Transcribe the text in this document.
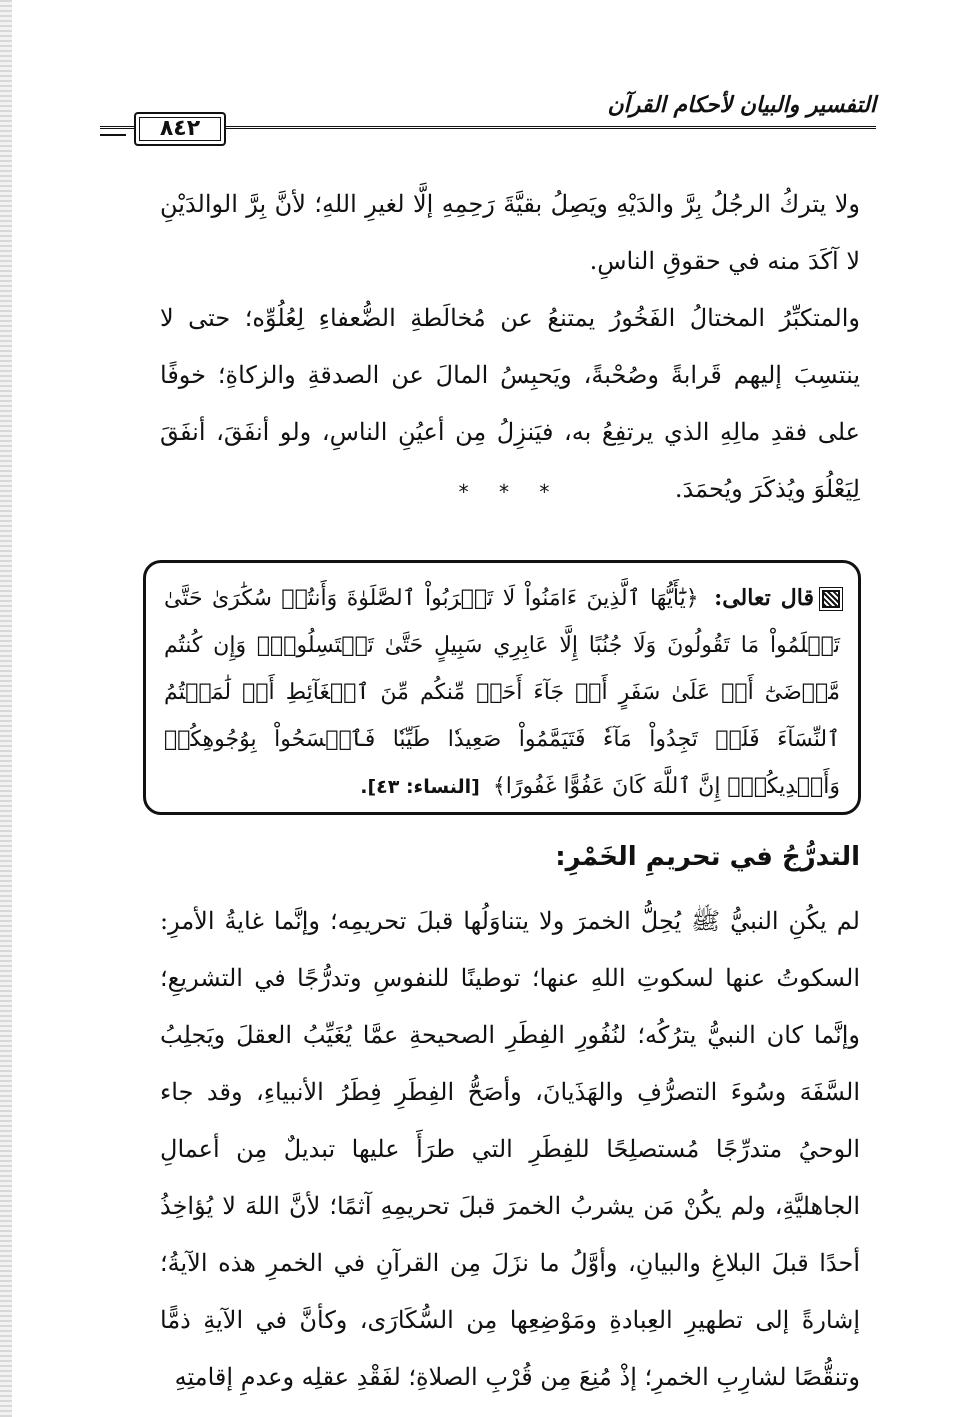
التفسير والبيان لأحكام القرآن
٨٤٢
ولا يتركُ الرجُلُ بِرَّ والدَيْهِ ويَصِلُ بقيَّةَ رَحِمِهِ إلَّا لغيرِ اللهِ؛ لأنَّ بِرَّ الوالدَيْنِ لا آكَدَ منه في حقوقِ الناسِ.
والمتكبِّرُ المختالُ الفَخُورُ يمتنعُ عن مُخالَطةِ الضُّعفاءِ لِعُلُوِّه؛ حتى لا ينتسِبَ إليهم قَرابةً وصُحْبةً، ويَحبِسُ المالَ عن الصدقةِ والزكاةِ؛ خوفًا على فقدِ مالِهِ الذي يرتفِعُ به، فيَنزِلُ مِن أعيُنِ الناسِ، ولو أنفَقَ، أنفَقَ لِيَعْلُوَ ويُذكَرَ ويُحمَدَ.
* * *
قال تعالى: ﴿يَٰٓأَيُّهَا ٱلَّذِينَ ءَامَنُواْ لَا تَقۡرَبُواْ ٱلصَّلَوٰةَ وَأَنتُمۡ سُكَٰرَىٰ حَتَّىٰ تَعۡلَمُواْ مَا تَقُولُونَ وَلَا جُنُبًا إِلَّا عَابِرِي سَبِيلٍ حَتَّىٰ تَغۡتَسِلُواْۚ وَإِن كُنتُم مَّرۡضَىٰٓ أَوۡ عَلَىٰ سَفَرٍ أَوۡ جَآءَ أَحَدٞ مِّنكُم مِّنَ ٱلۡغَآئِطِ أَوۡ لَٰمَسۡتُمُ ٱلنِّسَآءَ فَلَمۡ تَجِدُواْ مَآءٗ فَتَيَمَّمُواْ صَعِيدٗا طَيِّبٗا فَٱمۡسَحُواْ بِوُجُوهِكُمۡ وَأَيۡدِيكُمۡۗ إِنَّ ٱللَّهَ كَانَ عَفُوًّا غَفُورًا﴾ [النساء: ٤٣].
التدرُّجُ في تحريمِ الخَمْرِ:
لم يكُنِ النبيُّ ﷺ يُحِلُّ الخمرَ ولا يتناوَلُها قبلَ تحريمِه؛ وإنَّما غايةُ الأمرِ: السكوتُ عنها لسكوتِ اللهِ عنها؛ توطينًا للنفوسِ وتدرُّجًا في التشريعِ؛ وإنَّما كان النبيُّ يترُكُه؛ لنُفُورِ الفِطَرِ الصحيحةِ عمَّا يُغَيِّبُ العقلَ ويَجلِبُ السَّفَهَ وسُوءَ التصرُّفِ والهَذَيانَ، وأصَحُّ الفِطَرِ فِطَرُ الأنبياءِ، وقد جاء الوحيُ متدرِّجًا مُستصلِحًا للفِطَرِ التي طرَأَ عليها تبديلٌ مِن أعمالِ الجاهليَّةِ، ولم يكُنْ مَن يشربُ الخمرَ قبلَ تحريمِهِ آثمًا؛ لأنَّ اللهَ لا يُؤاخِذُ أحدًا قبلَ البلاغِ والبيانِ، وأوَّلُ ما نزَلَ مِن القرآنِ في الخمرِ هذه الآيةُ؛ إشارةً إلى تطهيرِ العِبادةِ ومَوْضِعِها مِن السُّكَارَى، وكأنَّ في الآيةِ ذمًّا وتنقُّصًا لشارِبِ الخمرِ؛ إذْ مُنِعَ مِن قُرْبِ الصلاةِ؛ لفَقْدِ عقلِه وعدمِ إقامتِهِ
